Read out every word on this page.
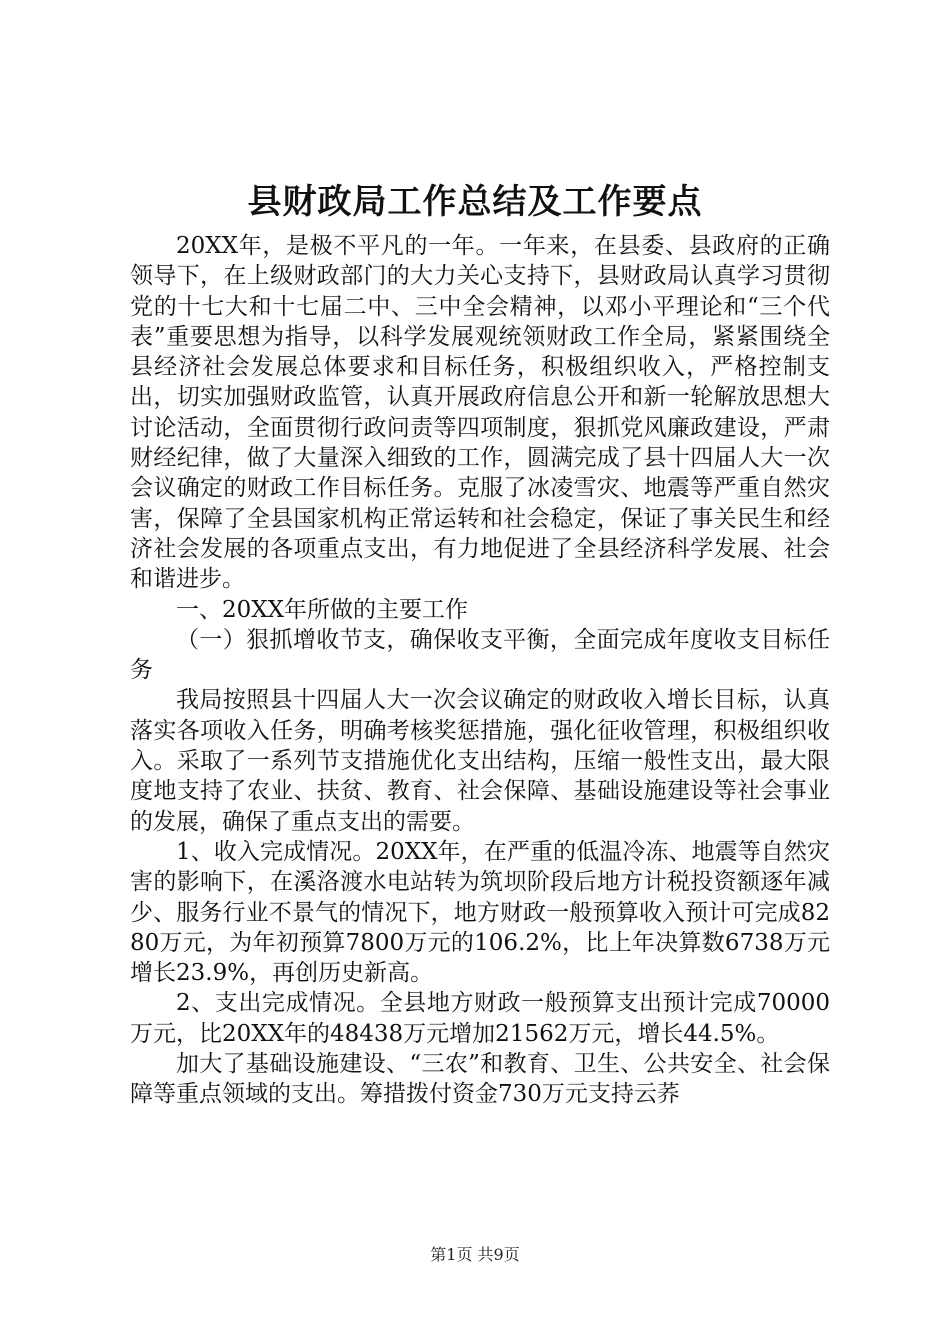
县财政局工作总结及工作要点

20XX年，是极不平凡的一年。一年来，在县委、县政府的正确领导下，在上级财政部门的大力关心支持下，县财政局认真学习贯彻党的十七大和十七届二中、三中全会精神，以邓小平理论和“三个代表”重要思想为指导，以科学发展观统领财政工作全局，紧紧围绕全县经济社会发展总体要求和目标任务，积极组织收入，严格控制支出，切实加强财政监管，认真开展政府信息公开和新一轮解放思想大讨论活动，全面贯彻行政问责等四项制度，狠抓党风廉政建设，严肃财经纪律，做了大量深入细致的工作，圆满完成了县十四届人大一次会议确定的财政工作目标任务。克服了冰凌雪灾、地震等严重自然灾害，保障了全县国家机构正常运转和社会稳定，保证了事关民生和经济社会发展的各项重点支出，有力地促进了全县经济科学发展、社会和谐进步。

一、20XX年所做的主要工作

（一）狠抓增收节支，确保收支平衡，全面完成年度收支目标任务

我局按照县十四届人大一次会议确定的财政收入增长目标，认真落实各项收入任务，明确考核奖惩措施，强化征收管理，积极组织收入。采取了一系列节支措施优化支出结构，压缩一般性支出，最大限度地支持了农业、扶贫、教育、社会保障、基础设施建设等社会事业的发展，确保了重点支出的需要。

1、收入完成情况。20XX年，在严重的低温冷冻、地震等自然灾害的影响下，在溪洛渡水电站转为筑坝阶段后地方计税投资额逐年减少、服务行业不景气的情况下，地方财政一般预算收入预计可完成8280万元，为年初预算7800万元的106.2%，比上年决算数6738万元增长23.9%，再创历史新高。

2、支出完成情况。全县地方财政一般预算支出预计完成70000万元，比20XX年的48438万元增加21562万元，增长44.5%。

加大了基础设施建设、“三农”和教育、卫生、公共安全、社会保障等重点领域的支出。筹措拨付资金730万元支持云荞

第1页 共9页
